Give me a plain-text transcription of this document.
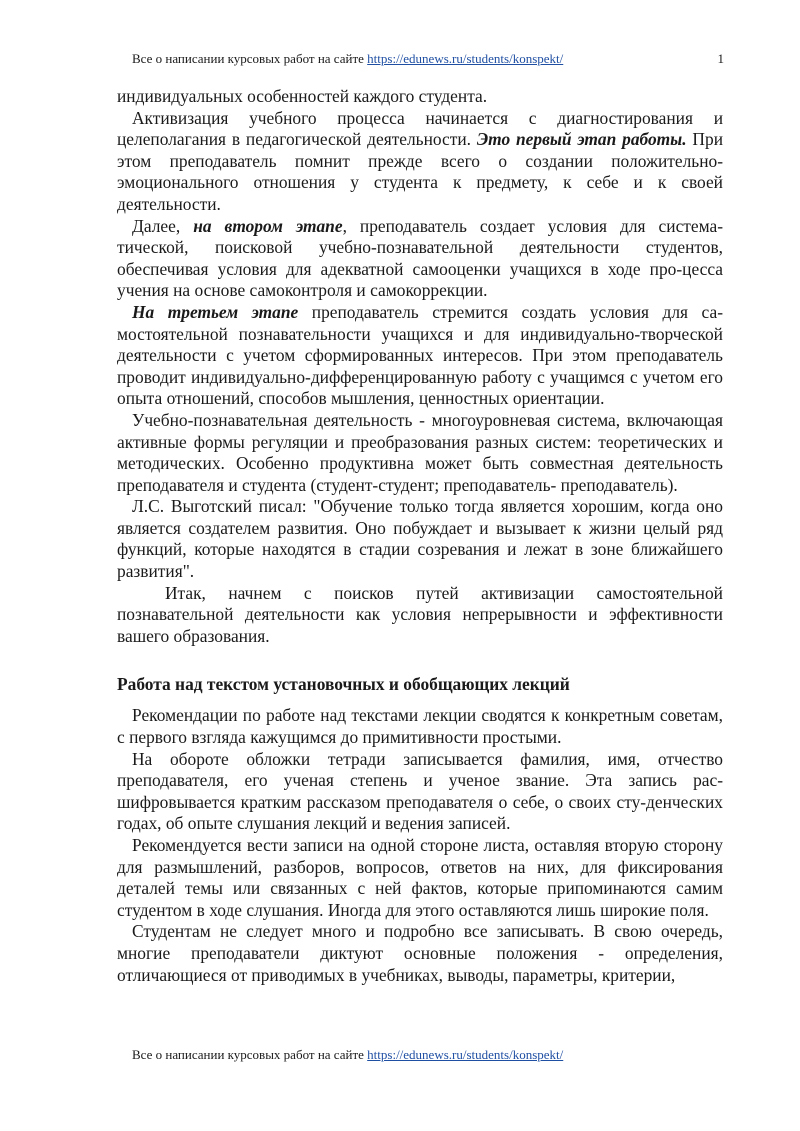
Все о написании курсовых работ на сайте https://edunews.ru/students/konspekt/	1

индивидуальных особенностей каждого студента.

Активизация учебного процесса начинается с диагностирования и целеполагания в педагогической деятельности. Это первый этап работы. При этом преподаватель помнит прежде всего о создании положительно-эмоционального отношения у студента к предмету, к себе и к своей деятельности.

Далее, на втором этапе, преподаватель создает условия для система-тической, поисковой учебно-познавательной деятельности студентов, обеспечивая условия для адекватной самооценки учащихся в ходе про-цесса учения на основе самоконтроля и самокоррекции.

На третьем этапе преподаватель стремится создать условия для са-мостоятельной познавательности учащихся и для индивидуально-творческой деятельности с учетом сформированных интересов. При этом преподаватель проводит индивидуально-дифференцированную работу с учащимся с учетом его опыта отношений, способов мышления, ценностных ориентации.

Учебно-познавательная деятельность - многоуровневая система, включающая активные формы регуляции и преобразования разных систем: теоретических и методических. Особенно продуктивна может быть совместная деятельность преподавателя и студента (студент-студент; преподаватель- преподаватель).

Л.С. Выготский писал: "Обучение только тогда является хорошим, когда оно является создателем развития. Оно побуждает и вызывает к жизни целый ряд функций, которые находятся в стадии созревания и лежат в зоне ближайшего развития".

Итак, начнем с поисков путей активизации самостоятельной познавательной деятельности как условия непрерывности и эффективности вашего образования.

Работа над текстом установочных и обобщающих лекций

Рекомендации по работе над текстами лекции сводятся к конкретным советам, с первого взгляда кажущимся до примитивности простыми.

На обороте обложки тетради записывается фамилия, имя, отчество преподавателя, его ученая степень и ученое звание. Эта запись рас-шифровывается кратким рассказом преподавателя о себе, о своих сту-денческих годах, об опыте слушания лекций и ведения записей.

Рекомендуется вести записи на одной стороне листа, оставляя вторую сторону для размышлений, разборов, вопросов, ответов на них, для фиксирования деталей темы или связанных с ней фактов, которые припоминаются самим студентом в ходе слушания. Иногда для этого оставляются лишь широкие поля.

Студентам не следует много и подробно все записывать. В свою очередь, многие преподаватели диктуют основные положения - определения, отличающиеся от приводимых в учебниках, выводы, параметры, критерии,

Все о написании курсовых работ на сайте https://edunews.ru/students/konspekt/
